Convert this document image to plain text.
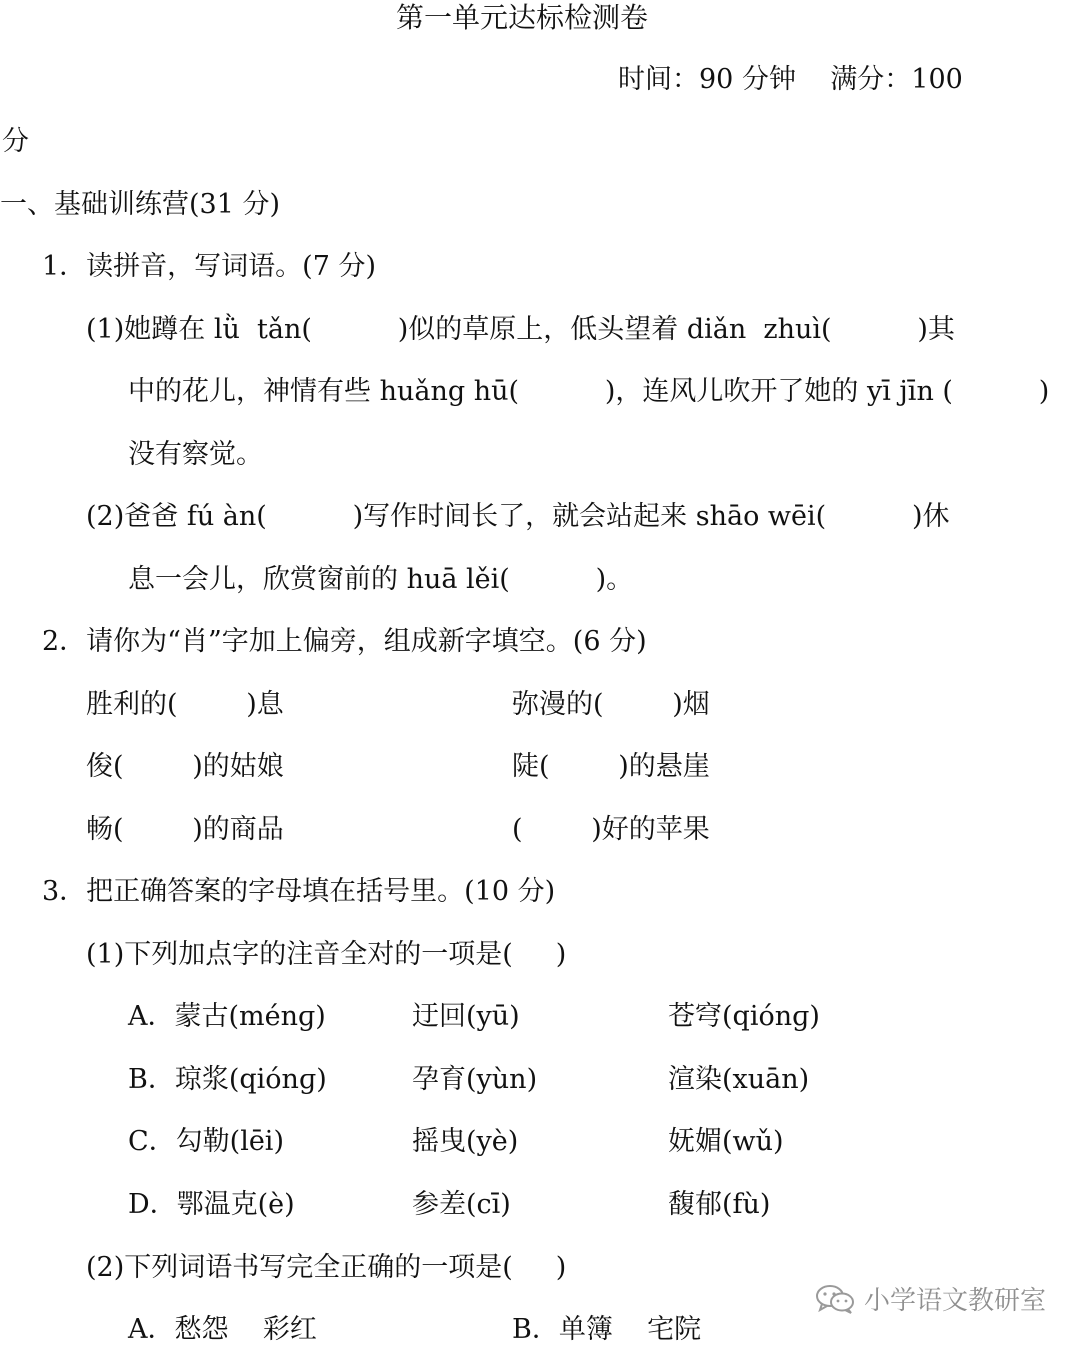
第一单元达标检测卷
时间：90 分钟    满分：100
分
一、基础训练营(31 分)
1．读拼音，写词语。(7 分)
(1)她蹲在 lǜ  tǎn(          )似的草原上，低头望着 diǎn  zhuì(          )其
中的花儿，神情有些 huǎng hū(          )，连风儿吹开了她的 yī jīn (          )
没有察觉。
(2)爸爸 fú àn(          )写作时间长了，就会站起来 shāo wēi(          )休
息一会儿，欣赏窗前的 huā lěi(          )。
2．请你为“肖”字加上偏旁，组成新字填空。(6 分)
胜利的(        )息	弥漫的(        )烟
俊(        )的姑娘	陡(        )的悬崖
畅(        )的商品	(        )好的苹果
3．把正确答案的字母填在括号里。(10 分)
(1)下列加点字的注音全对的一项是(     )
A．蒙古(ménɡ)	迂回(yū)	苍穹(qiónɡ)
B．琼浆(qiónɡ)	孕育(yùn)	渲染(xuān)
C．勾勒(lēi)	摇曳(yè)	妩媚(wǔ)
D．鄂温克(è)	参差(cī)	馥郁(fù)
(2)下列词语书写完全正确的一项是(     )
A．愁怨    彩红	B．单簿    宅院
小学语文教研室
